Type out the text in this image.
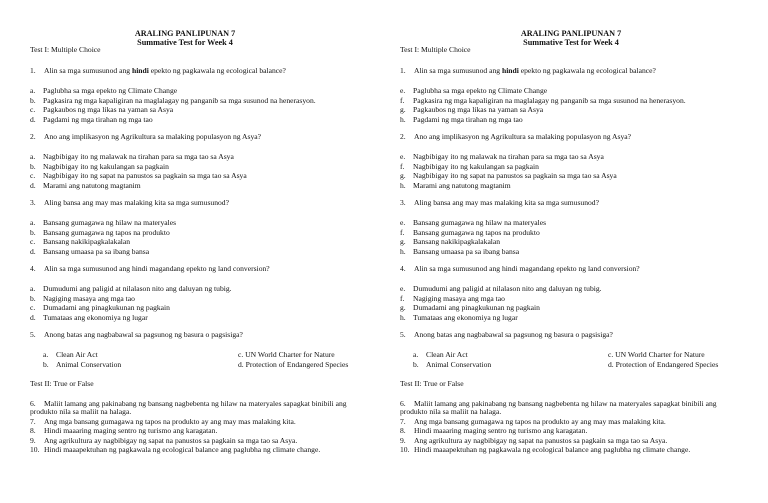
ARALING PANLIPUNAN 7
Summative Test for Week 4
Test I: Multiple Choice
1. Alin sa mga sumusunod ang hindi epekto ng pagkawala ng ecological balance?
a. Paglubha sa mga epekto ng Climate Change
b. Pagkasira ng mga kapaligiran na maglalagay ng panganib sa mga susunod na henerasyon.
c. Pagkaubos ng mga likas na yaman sa Asya
d. Pagdami ng mga tirahan ng mga tao
2. Ano ang implikasyon ng Agrikultura sa malaking populasyon ng Asya?
a. Nagbibigay ito ng malawak na tirahan para sa mga tao sa Asya
b. Nagbibigay ito ng kakulangan sa pagkain
c. Nagbibigay ito ng sapat na panustos sa pagkain sa mga tao sa Asya
d. Marami ang natutong magtanim
3. Aling bansa ang may mas malaking kita sa mga sumusunod?
a. Bansang gumagawa ng hilaw na materyales
b. Bansang gumagawa ng tapos na produkto
c. Bansang nakikipagkalakalan
d. Bansang umaasa pa sa ibang bansa
4. Alin sa mga sumusunod ang hindi magandang epekto ng land conversion?
a. Dumudumi ang paligid at nilalason nito ang daluyan ng tubig.
b. Nagiging masaya ang mga tao
c. Dumadami ang pinagkukunan ng pagkain
d. Tumataas ang ekonomiya ng lugar
5. Anong batas ang nagbabawal sa pagsunog ng basura o pagsisiga?
a. Clean Air Act
b. Animal Conservation
c. UN World Charter for Nature
d. Protection of Endangered Species
Test II: True or False
6. Maliit lamang ang pakinabang ng bansang nagbebenta ng hilaw na materyales sapagkat binibili ang produkto nila sa maliit na halaga.
7. Ang mga bansang gumagawa ng tapos na produkto ay ang may mas malaking kita.
8. Hindi maaaring maging sentro ng turismo ang karagatan.
9. Ang agrikultura ay nagbibigay ng sapat na panustos sa pagkain sa mga tao sa Asya.
10. Hindi maaapektuhan ng pagkawala ng ecological balance ang paglubha ng climate change.
ARALING PANLIPUNAN 7
Summative Test for Week 4
Test I: Multiple Choice
1. Alin sa mga sumusunod ang hindi epekto ng pagkawala ng ecological balance?
e. Paglubha sa mga epekto ng Climate Change
f. Pagkasira ng mga kapaligiran na maglalagay ng panganib sa mga susunod na henerasyon.
g. Pagkaubos ng mga likas na yaman sa Asya
h. Pagdami ng mga tirahan ng mga tao
2. Ano ang implikasyon ng Agrikultura sa malaking populasyon ng Asya?
e. Nagbibigay ito ng malawak na tirahan para sa mga tao sa Asya
f. Nagbibigay ito ng kakulangan sa pagkain
g. Nagbibigay ito ng sapat na panustos sa pagkain sa mga tao sa Asya
h. Marami ang natutong magtanim
3. Aling bansa ang may mas malaking kita sa mga sumusunod?
e. Bansang gumagawa ng hilaw na materyales
f. Bansang gumagawa ng tapos na produkto
g. Bansang nakikipagkalakalan
h. Bansang umaasa pa sa ibang bansa
4. Alin sa mga sumusunod ang hindi magandang epekto ng land conversion?
e. Dumudumi ang paligid at nilalason nito ang daluyan ng tubig.
f. Nagiging masaya ang mga tao
g. Dumadami ang pinagkukunan ng pagkain
h. Tumataas ang ekonomiya ng lugar
5. Anong batas ang nagbabawal sa pagsunog ng basura o pagsisiga?
a. Clean Air Act
b. Animal Conservation
c. UN World Charter for Nature
d. Protection of Endangered Species
Test II: True or False
6. Maliit lamang ang pakinabang ng bansang nagbebenta ng hilaw na materyales sapagkat binibili ang produkto nila sa maliit na halaga.
7. Ang mga bansang gumagawa ng tapos na produkto ay ang may mas malaking kita.
8. Hindi maaaring maging sentro ng turismo ang karagatan.
9. Ang agrikultura ay nagbibigay ng sapat na panustos sa pagkain sa mga tao sa Asya.
10. Hindi maaapektuhan ng pagkawala ng ecological balance ang paglubha ng climate change.
